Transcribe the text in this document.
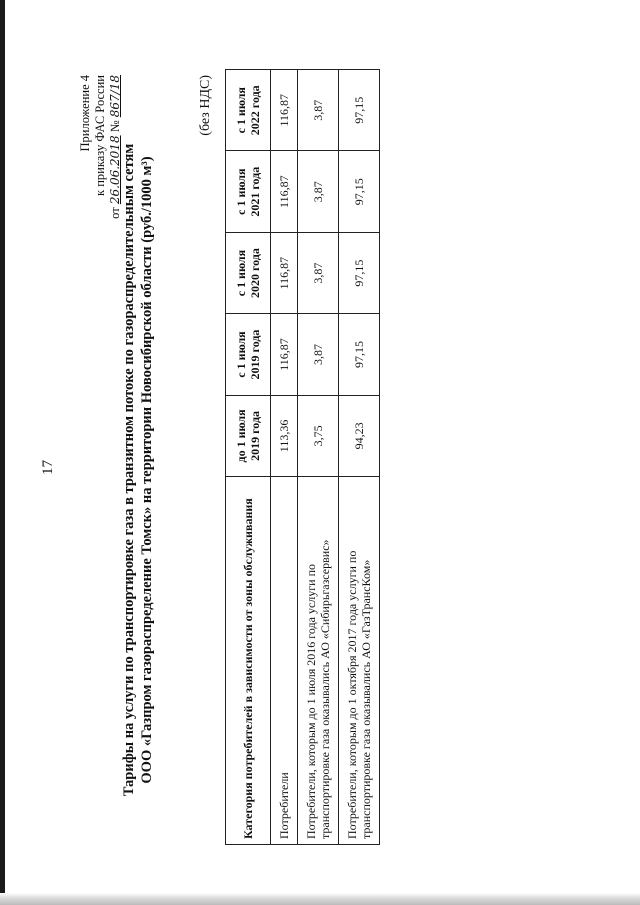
17
Приложение 4 к приказу ФАС России
от 26.06.2018 № 867/18
Тарифы на услуги по транспортировке газа в транзитном потоке по газораспределительным сетям ООО «Газпром газораспределение Томск» на территории Новосибирской области (руб./1000 м³)
(без НДС)
Категория потребителей в зависимости от зоны обслуживания	до 1 июля 2019 года	с 1 июля 2019 года	с 1 июля 2020 года	с 1 июля 2021 года	с 1 июля 2022 года
Потребители	113,36	116,87	116,87	116,87	116,87
Потребители, которым до 1 июля 2016 года услуги по транспортировке газа оказывались АО «Сибирьгазсервис»	3,75	3,87	3,87	3,87	3,87
Потребители, которым до 1 октября 2017 года услуги по транспортировке газа оказывались АО «ГазТрансКом»	94,23	97,15	97,15	97,15	97,15
